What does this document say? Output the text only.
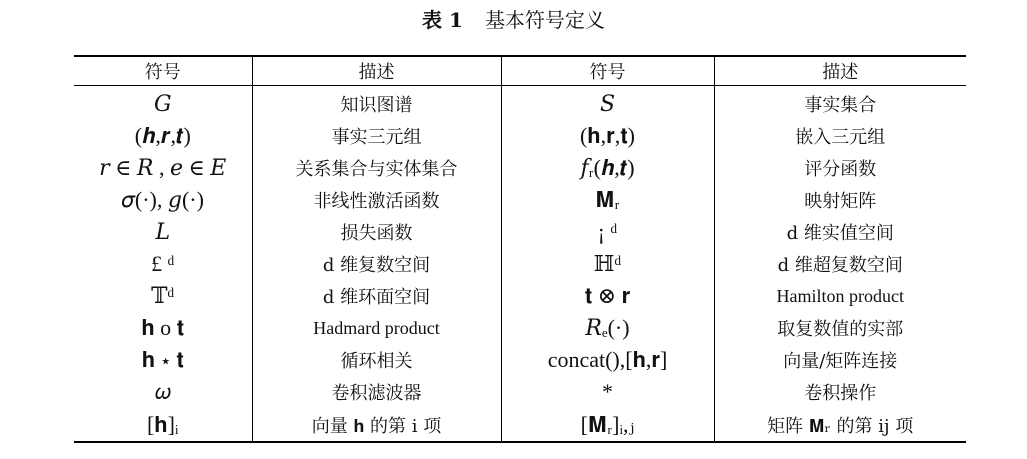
表 1 基本符号定义
符号	描述	符号	描述
𝐺	知识图谱	𝑆	事实集合
(𝒉,𝒓,𝒕)	事实三元组	(𝐡,𝐫,𝐭)	嵌入三元组
𝑟 ∈ 𝑅 , 𝑒 ∈ 𝐸	关系集合与实体集合	𝑓ᵣ(𝒉,𝒕)	评分函数
𝜎(·), 𝑔(·)	非线性激活函数	𝐌ᵣ	映射矩阵
𝐿	损失函数	¡ ᵈ	d 维实值空间
£ ᵈ	d 维复数空间	ℍᵈ	d 维超复数空间
𝕋ᵈ	d 维环面空间	𝐭 ⊗ 𝐫	Hamilton product
𝐡 o 𝐭	Hadmard product	𝑅ₑ(·)	取复数值的实部
𝐡 ⋆ 𝐭	循环相关	concat(),[𝐡,𝐫]	向量/矩阵连接
𝜔	卷积滤波器	*	卷积操作
[𝐡]ᵢ	向量 𝐡 的第 i 项	[𝐌ᵣ]ᵢ,ⱼ	矩阵 𝐌ᵣ 的第 ij 项
